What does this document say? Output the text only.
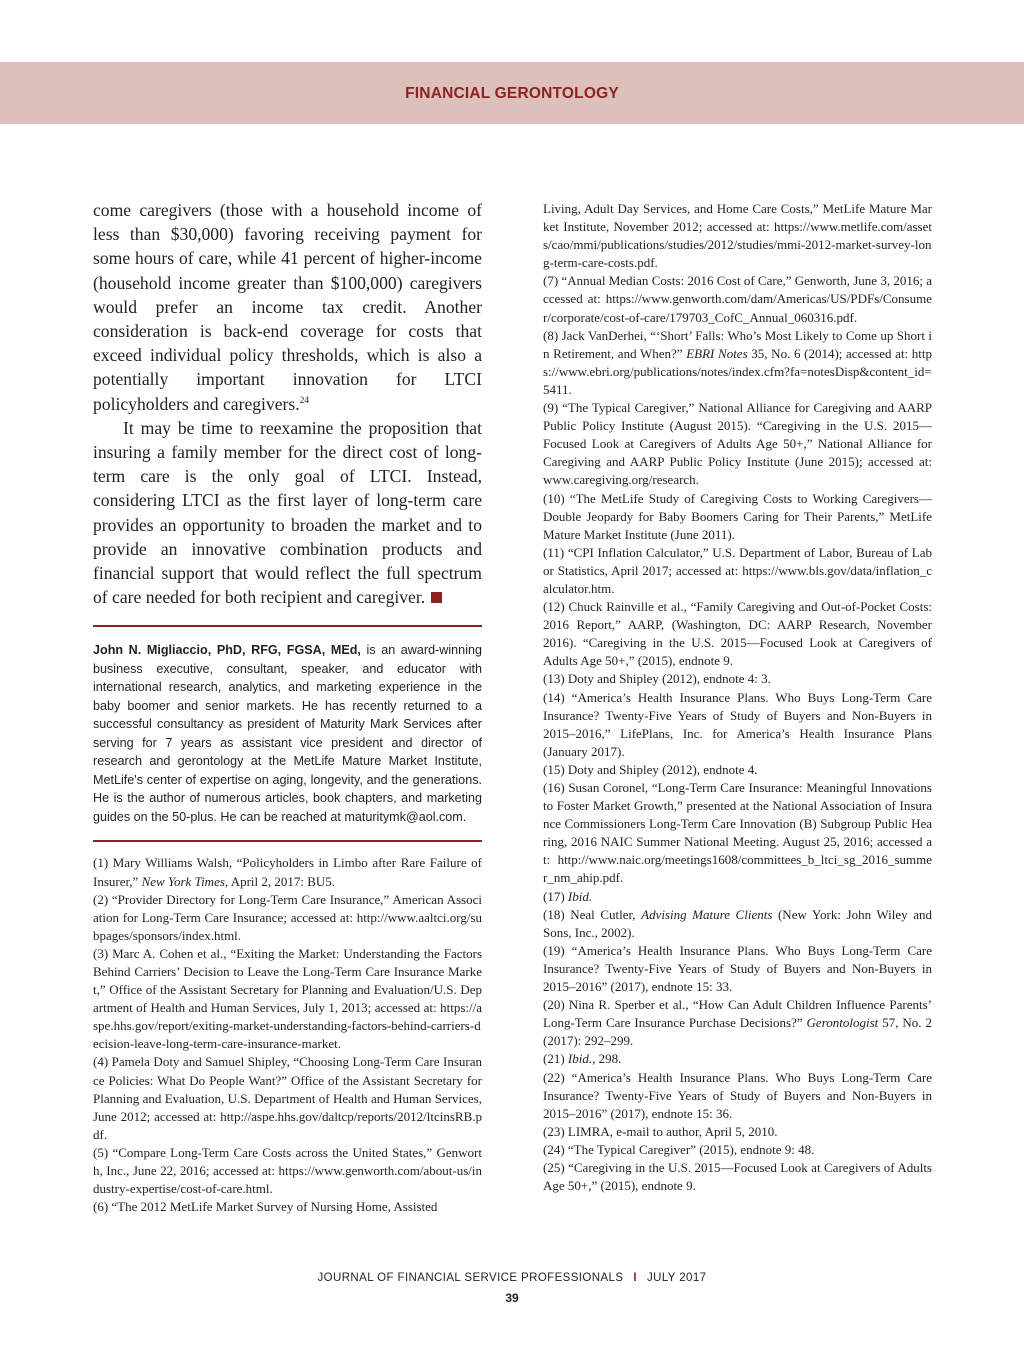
FINANCIAL GERONTOLOGY

come caregivers (those with a household income of less than $30,000) favoring receiving payment for some hours of care, while 41 percent of higher-income (household income greater than $100,000) caregivers would prefer an income tax credit. Another consideration is back-end coverage for costs that exceed individual policy thresholds, which is also a potentially important innovation for LTCI policyholders and caregivers.$^{24}$

It may be time to reexamine the proposition that insuring a family member for the direct cost of long-term care is the only goal of LTCI. Instead, considering LTCI as the first layer of long-term care provides an opportunity to broaden the market and to provide an innovative combination products and financial support that would reflect the full spectrum of care needed for both recipient and caregiver.

John N. Migliaccio, PhD, RFG, FGSA, MEd, is an award-winning business executive, consultant, speaker, and educator with international research, analytics, and marketing experience in the baby boomer and senior markets. He has recently returned to a successful consultancy as president of Maturity Mark Services after serving for 7 years as assistant vice president and director of research and gerontology at the MetLife Mature Market Institute, MetLife's center of expertise on aging, longevity, and the generations. He is the author of numerous articles, book chapters, and marketing guides on the 50-plus. He can be reached at maturitymk@aol.com.

(1) Mary Williams Walsh, “Policyholders in Limbo after Rare Failure of Insurer,” New York Times, April 2, 2017: BU5.

(2) “Provider Directory for Long-Term Care Insurance,” American Association for Long-Term Care Insurance; accessed at: http://www.aaltci.org/subpages/sponsors/index.html.

(3) Marc A. Cohen et al., “Exiting the Market: Understanding the Factors Behind Carriers’ Decision to Leave the Long-Term Care Insurance Market,” Office of the Assistant Secretary for Planning and Evaluation/U.S. Department of Health and Human Services, July 1, 2013; accessed at: https://aspe.hhs.gov/report/exiting-market-understanding-factors-behind-carriers-decision-leave-long-term-care-insurance-market.

(4) Pamela Doty and Samuel Shipley, “Choosing Long-Term Care Insurance Policies: What Do People Want?” Office of the Assistant Secretary for Planning and Evaluation, U.S. Department of Health and Human Services, June 2012; accessed at: http://aspe.hhs.gov/daltcp/reports/2012/ltcinsRB.pdf.

(5) “Compare Long-Term Care Costs across the United States,” Genworth, Inc., June 22, 2016; accessed at: https://www.genworth.com/about-us/industry-expertise/cost-of-care.html.

(6) “The 2012 MetLife Market Survey of Nursing Home, Assisted

Living, Adult Day Services, and Home Care Costs,” MetLife Mature Market Institute, November 2012; accessed at: https://www.metlife.com/assets/cao/mmi/publications/studies/2012/studies/mmi-2012-market-survey-long-term-care-costs.pdf.

(7) “Annual Median Costs: 2016 Cost of Care,” Genworth, June 3, 2016; accessed at: https://www.genworth.com/dam/Americas/US/PDFs/Consumer/corporate/cost-of-care/179703_CofC_Annual_060316.pdf.

(8) Jack VanDerhei, “‘Short’ Falls: Who’s Most Likely to Come up Short in Retirement, and When?” EBRI Notes 35, No. 6 (2014); accessed at: https://www.ebri.org/publications/notes/index.cfm?fa=notesDisp&content_id=5411.

(9) “The Typical Caregiver,” National Alliance for Caregiving and AARP Public Policy Institute (August 2015). “Caregiving in the U.S. 2015—Focused Look at Caregivers of Adults Age 50+,” National Alliance for Caregiving and AARP Public Policy Institute (June 2015); accessed at: www.caregiving.org/research.

(10) “The MetLife Study of Caregiving Costs to Working Caregivers—Double Jeopardy for Baby Boomers Caring for Their Parents,” MetLife Mature Market Institute (June 2011).

(11) “CPI Inflation Calculator,” U.S. Department of Labor, Bureau of Labor Statistics, April 2017; accessed at: https://www.bls.gov/data/inflation_calculator.htm.

(12) Chuck Rainville et al., “Family Caregiving and Out-of-Pocket Costs: 2016 Report,” AARP, (Washington, DC: AARP Research, November 2016). “Caregiving in the U.S. 2015—Focused Look at Caregivers of Adults Age 50+,” (2015), endnote 9.

(13) Doty and Shipley (2012), endnote 4: 3.

(14) “America’s Health Insurance Plans. Who Buys Long-Term Care Insurance? Twenty-Five Years of Study of Buyers and Non-Buyers in 2015–2016,” LifePlans, Inc. for America’s Health Insurance Plans (January 2017).

(15) Doty and Shipley (2012), endnote 4.

(16) Susan Coronel, “Long-Term Care Insurance: Meaningful Innovations to Foster Market Growth,” presented at the National Association of Insurance Commissioners Long-Term Care Innovation (B) Subgroup Public Hearing, 2016 NAIC Summer National Meeting. August 25, 2016; accessed at: http://www.naic.org/meetings1608/committees_b_ltci_sg_2016_summer_nm_ahip.pdf.

(17) Ibid.

(18) Neal Cutler, Advising Mature Clients (New York: John Wiley and Sons, Inc., 2002).

(19) “America’s Health Insurance Plans. Who Buys Long-Term Care Insurance? Twenty-Five Years of Study of Buyers and Non-Buyers in 2015–2016” (2017), endnote 15: 33.

(20) Nina R. Sperber et al., “How Can Adult Children Influence Parents’ Long-Term Care Insurance Purchase Decisions?” Gerontologist 57, No. 2 (2017): 292–299.

(21) Ibid., 298.

(22) “America’s Health Insurance Plans. Who Buys Long-Term Care Insurance? Twenty-Five Years of Study of Buyers and Non-Buyers in 2015–2016” (2017), endnote 15: 36.

(23) LIMRA, e-mail to author, April 5, 2010.

(24) “The Typical Caregiver” (2015), endnote 9: 48.

(25) “Caregiving in the U.S. 2015—Focused Look at Caregivers of Adults Age 50+,” (2015), endnote 9.

JOURNAL OF FINANCIAL SERVICE PROFESSIONALS I JULY 2017
39
